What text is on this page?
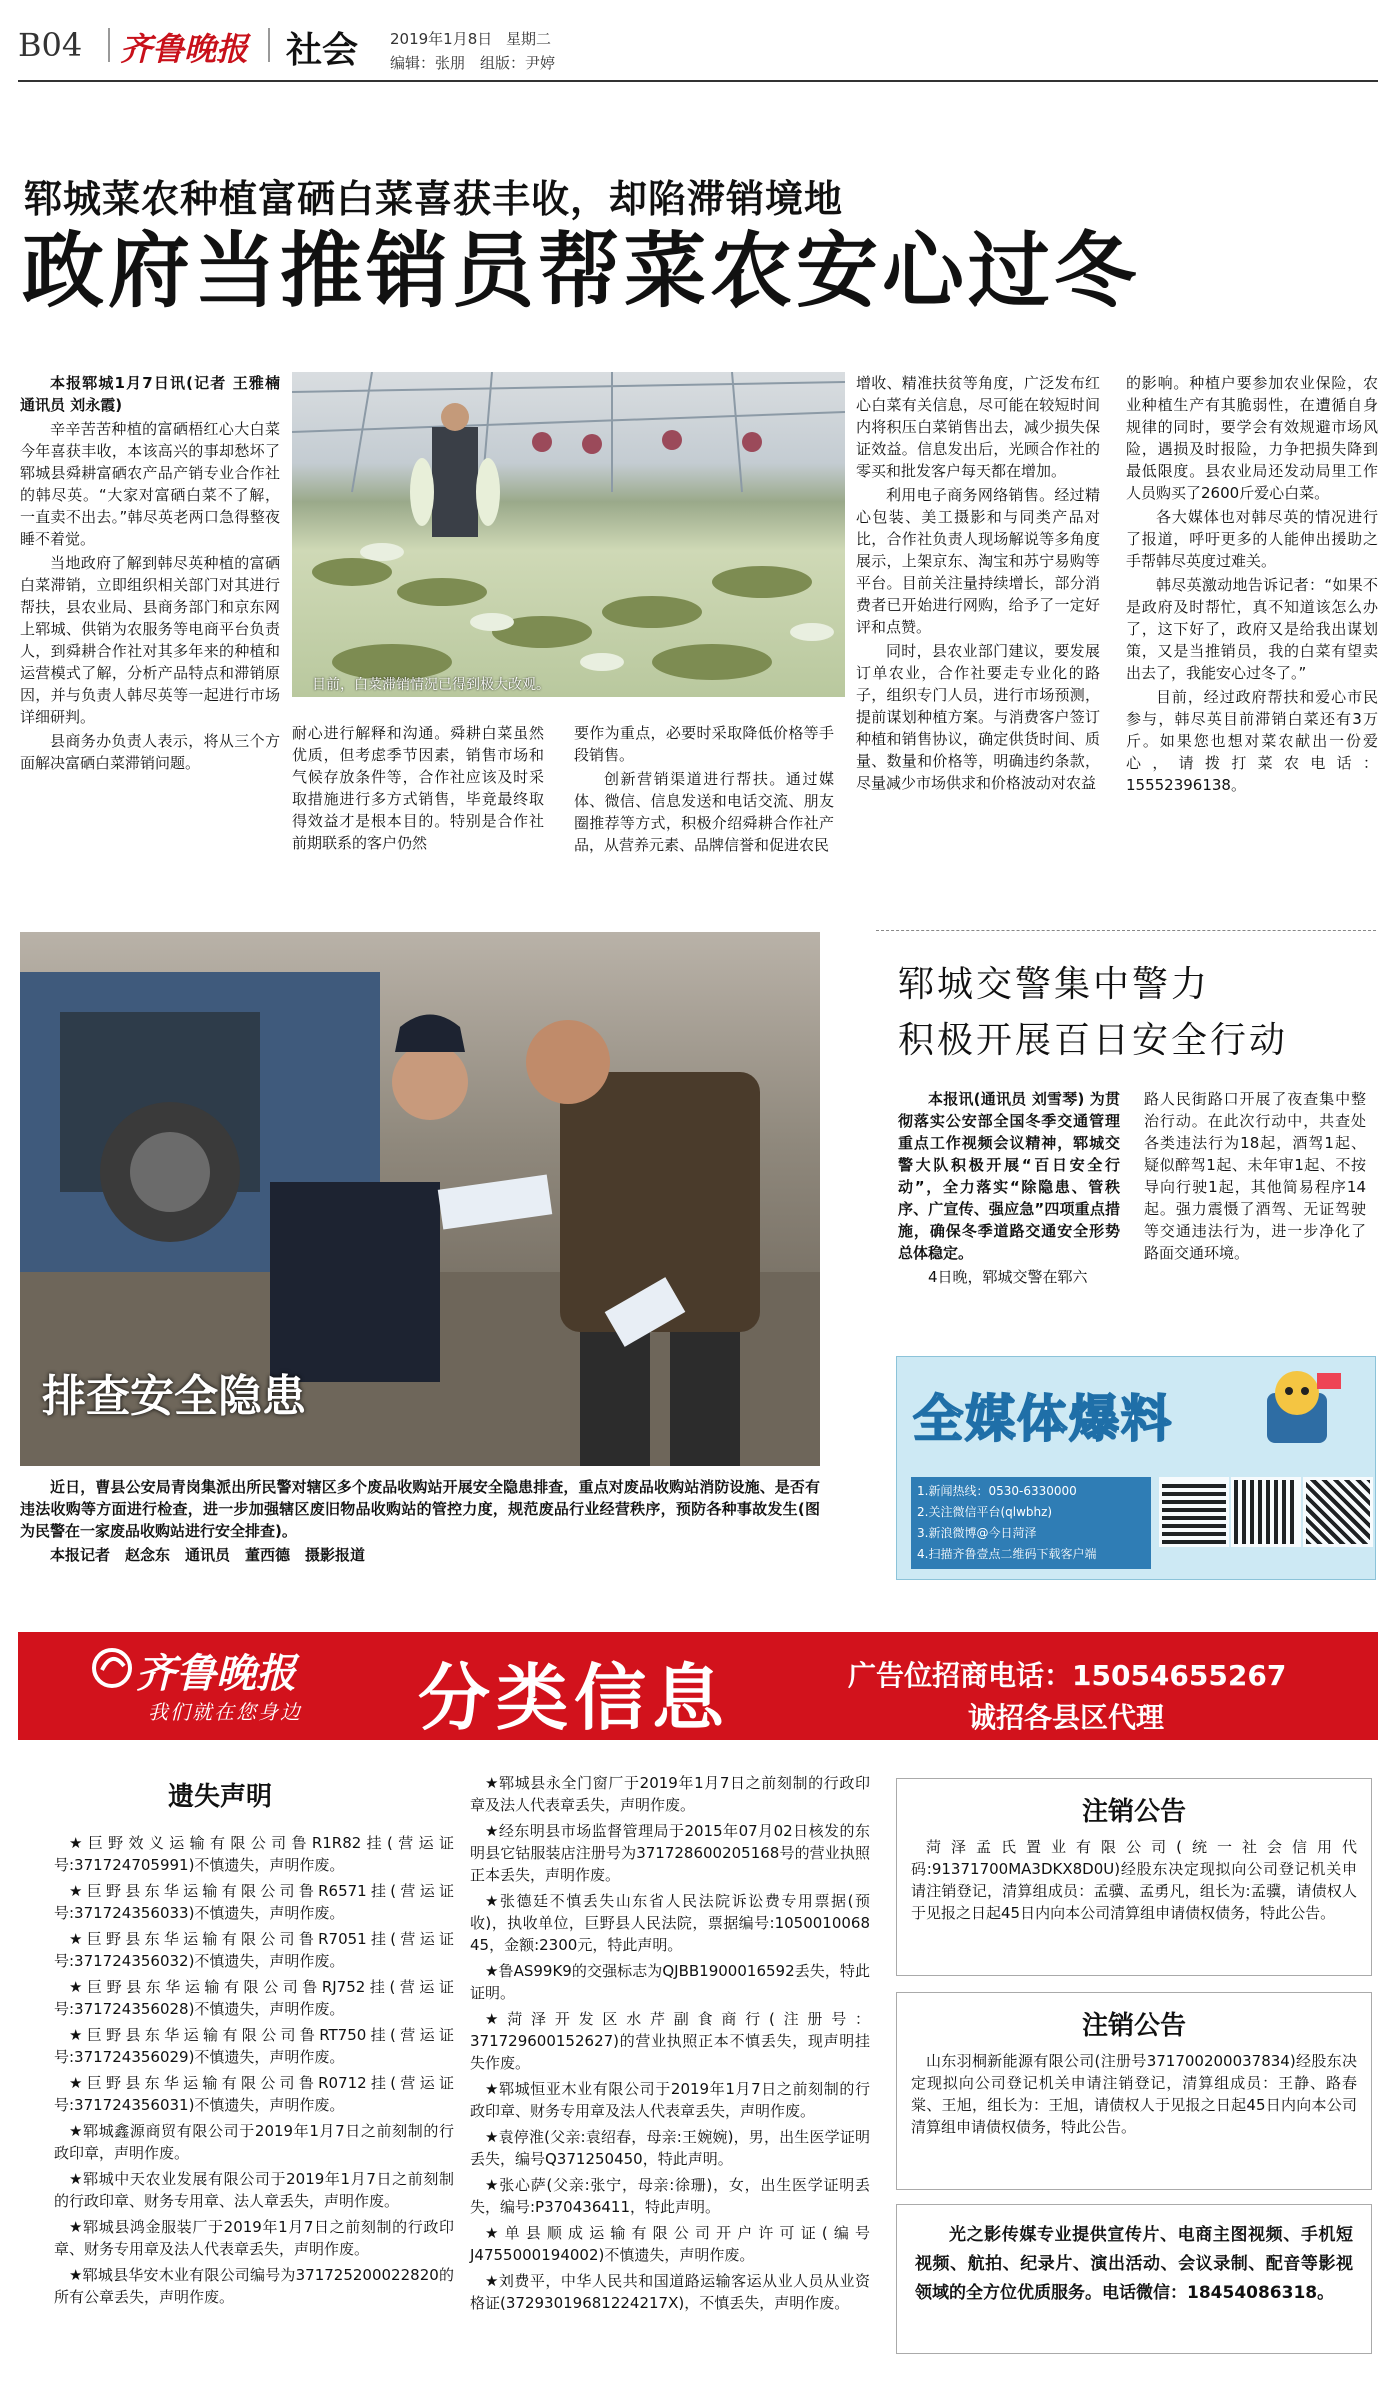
B04 齐鲁晚报 社会 2019年1月8日 星期二
编辑：张朋 组版：尹婷
郓城菜农种植富硒白菜喜获丰收，却陷滞销境地
政府当推销员帮菜农安心过冬

本报郓城1月7日讯(记者 王雅楠 通讯员 刘永霞)

辛辛苦苦种植的富硒梧红心大白菜今年喜获丰收，本该高兴的事却愁坏了郓城县舜耕富硒农产品产销专业合作社的韩尽英。“大家对富硒白菜不了解，一直卖不出去。”韩尽英老两口急得整夜睡不着觉。

当地政府了解到韩尽英种植的富硒白菜滞销，立即组织相关部门对其进行帮扶，县农业局、县商务部门和京东网上郓城、供销为农服务等电商平台负责人，到舜耕合作社对其多年来的种植和运营模式了解，分析产品特点和滞销原因，并与负责人韩尽英等一起进行市场详细研判。

县商务办负责人表示，将从三个方面解决富硒白菜滞销问题。

目前，白菜滞销情况已得到极大改观。

耐心进行解释和沟通。舜耕白菜虽然优质，但考虑季节因素，销售市场和气候存放条件等，合作社应该及时采取措施进行多方式销售，毕竟最终取得效益才是根本目的。特别是合作社前期联系的客户仍然

要作为重点，必要时采取降低价格等手段销售。

创新营销渠道进行帮扶。通过媒体、微信、信息发送和电话交流、朋友圈推荐等方式，积极介绍舜耕合作社产品，从营养元素、品牌信誉和促进农民

增收、精准扶贫等角度，广泛发布红心白菜有关信息，尽可能在较短时间内将积压白菜销售出去，减少损失保证效益。信息发出后，光顾合作社的零买和批发客户每天都在增加。

利用电子商务网络销售。经过精心包装、美工摄影和与同类产品对比，合作社负责人现场解说等多角度展示，上架京东、淘宝和苏宁易购等平台。目前关注量持续增长，部分消费者已开始进行网购，给予了一定好评和点赞。

同时，县农业部门建议，要发展订单农业，合作社要走专业化的路子，组织专门人员，进行市场预测，提前谋划种植方案。与消费客户签订种植和销售协议，确定供货时间、质量、数量和价格等，明确违约条款，尽量减少市场供求和价格波动对农益

的影响。种植户要参加农业保险，农业种植生产有其脆弱性，在遭循自身规律的同时，要学会有效规避市场风险，遇损及时报险，力争把损失降到最低限度。县农业局还发动局里工作人员购买了2600斤爱心白菜。

各大媒体也对韩尽英的情况进行了报道，呼吁更多的人能伸出援助之手帮韩尽英度过难关。

韩尽英激动地告诉记者：“如果不是政府及时帮忙，真不知道该怎么办了，这下好了，政府又是给我出谋划策，又是当推销员，我的白菜有望卖出去了，我能安心过冬了。”

目前，经过政府帮扶和爱心市民参与，韩尽英目前滞销白菜还有3万斤。如果您也想对菜农献出一份爱心，请拨打菜农电话：15552396138。

排查安全隐患

近日，曹县公安局青岗集派出所民警对辖区多个废品收购站开展安全隐患排查，重点对废品收购站消防设施、是否有违法收购等方面进行检查，进一步加强辖区废旧物品收购站的管控力度，规范废品行业经营秩序，预防各种事故发生(图为民警在一家废品收购站进行安全排查)。

本报记者　赵念东　通讯员　董西德　摄影报道

郓城交警集中警力
积极开展百日安全行动

本报讯(通讯员 刘雪琴) 为贯彻落实公安部全国冬季交通管理重点工作视频会议精神，郓城交警大队积极开展“百日安全行动”，全力落实“除隐患、管秩序、广宣传、强应急”四项重点措施，确保冬季道路交通安全形势总体稳定。

4日晚，郓城交警在郓六

路人民街路口开展了夜查集中整治行动。在此次行动中，共查处各类违法行为18起，酒驾1起、疑似醉驾1起、未年审1起、不按导向行驶1起，其他简易程序14起。强力震慑了酒驾、无证驾驶等交通违法行为，进一步净化了路面交通环境。

全媒体爆料
1.新闻热线：0530-6330000
2.关注微信平台(qlwbhz)
3.新浪微博@今日菏泽
4.扫描齐鲁壹点二维码下载客户端
齐鲁晚报
我们就在您身边 分类信息	广告位招商电话：15054655267
诚招各县区代理
遗失声明

★巨野效义运输有限公司鲁R1R82挂(营运证号:371724705991)不慎遗失，声明作废。

★巨野县东华运输有限公司鲁R6571挂(营运证号:371724356033)不慎遗失，声明作废。

★巨野县东华运输有限公司鲁R7051挂(营运证号:371724356032)不慎遗失，声明作废。

★巨野县东华运输有限公司鲁RJ752挂(营运证号:371724356028)不慎遗失，声明作废。

★巨野县东华运输有限公司鲁RT750挂(营运证号:371724356029)不慎遗失，声明作废。

★巨野县东华运输有限公司鲁R0712挂(营运证号:371724356031)不慎遗失，声明作废。

★郓城鑫源商贸有限公司于2019年1月7日之前刻制的行政印章，声明作废。

★郓城中天农业发展有限公司于2019年1月7日之前刻制的行政印章、财务专用章、法人章丢失，声明作废。

★郓城县鸿金服装厂于2019年1月7日之前刻制的行政印章、财务专用章及法人代表章丢失，声明作废。

★郓城县华安木业有限公司编号为371725200022820的所有公章丢失，声明作废。

★郓城县永全门窗厂于2019年1月7日之前刻制的行政印章及法人代表章丢失，声明作废。

★经东明县市场监督管理局于2015年07月02日核发的东明县它钴服装店注册号为371728600205168号的营业执照正本丢失，声明作废。

★张德廷不慎丢失山东省人民法院诉讼费专用票据(预收)，执收单位，巨野县人民法院，票据编号:1050010068​45，金额:2300元，特此声明。

★鲁AS99K9的交强标志为QJBB1900016592丢失，特此证明。

★菏泽开发区水芹副食商行(注册号：371729600152627)的营业执照正本不慎丢失，现声明挂失作废。

★郓城恒亚木业有限公司于2019年1月7日之前刻制的行政印章、财务专用章及法人代表章丢失，声明作废。

★袁停淮(父亲:袁绍春，母亲:王婉婉)，男，出生医学证明丢失，编号Q371250450，特此声明。

★张心萨(父亲:张宁，母亲:徐珊)，女，出生医学证明丢失，编号:P370436411，特此声明。

★单县顺成运输有限公司开户许可证(编号J4755000194002)不慎遗失，声明作废。

★刘费平，中华人民共和国道路运输客运从业人员从业资格证(37293019681224217X)，不慎丢失，声明作废。

注销公告

菏泽孟氏置业有限公司(统一社会信用代码:91371700MA3DKX8D0U)经股东决定现拟向公司登记机关申请注销登记，清算组成员：孟骥、孟勇凡，组长为:孟骥，请债权人于见报之日起45日内向本公司清算组申请债权债务，特此公告。

注销公告

山东羽桐新能源有限公司(注册号371700200037834)经股东决定现拟向公司登记机关申请注销登记，清算组成员：王静、路春棠、王旭，组长为：王旭，请债权人于见报之日起45日内向本公司清算组申请债权债务，特此公告。

光之影传媒专业提供宣传片、电商主图视频、手机短视频、航拍、纪录片、演出活动、会议录制、配音等影视领域的全方位优质服务。电话微信：18454086318。
